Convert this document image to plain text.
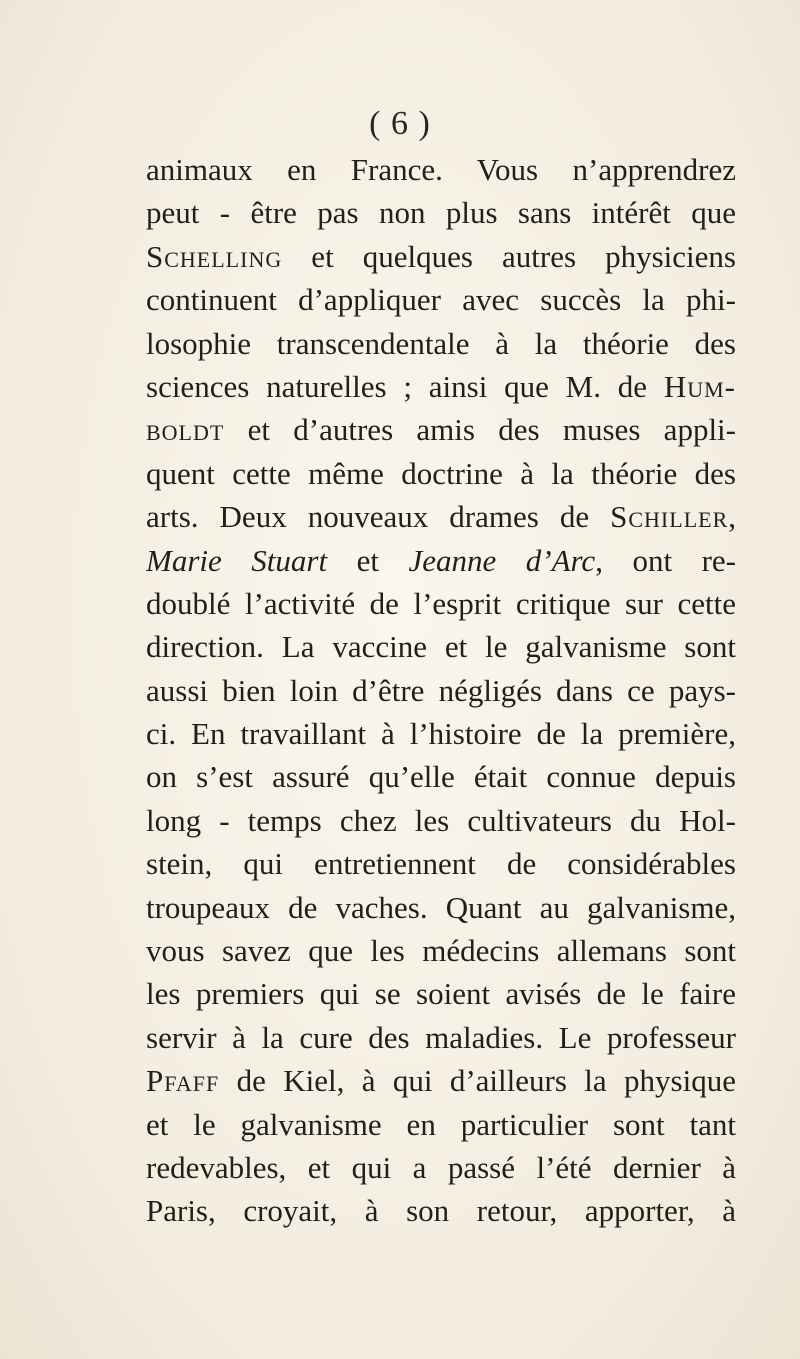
( 6 )
animaux en France. Vous n’apprendrez
peut - être pas non plus sans intérêt que
Schelling et quelques autres physiciens
continuent d’appliquer avec succès la phi-
losophie transcendentale à la théorie des
sciences naturelles ; ainsi que M. de Hum-
boldt et d’autres amis des muses appli-
quent cette même doctrine à la théorie des
arts. Deux nouveaux drames de Schiller,
Marie Stuart et Jeanne d’Arc, ont re-
doublé l’activité de l’esprit critique sur cette
direction. La vaccine et le galvanisme sont
aussi bien loin d’être négligés dans ce pays-
ci. En travaillant à l’histoire de la première,
on s’est assuré qu’elle était connue depuis
long - temps chez les cultivateurs du Hol-
stein, qui entretiennent de considérables
troupeaux de vaches. Quant au galvanisme,
vous savez que les médecins allemans sont
les premiers qui se soient avisés de le faire
servir à la cure des maladies. Le professeur
Pfaff de Kiel, à qui d’ailleurs la physique
et le galvanisme en particulier sont tant
redevables, et qui a passé l’été dernier à
Paris, croyait, à son retour, apporter, à
